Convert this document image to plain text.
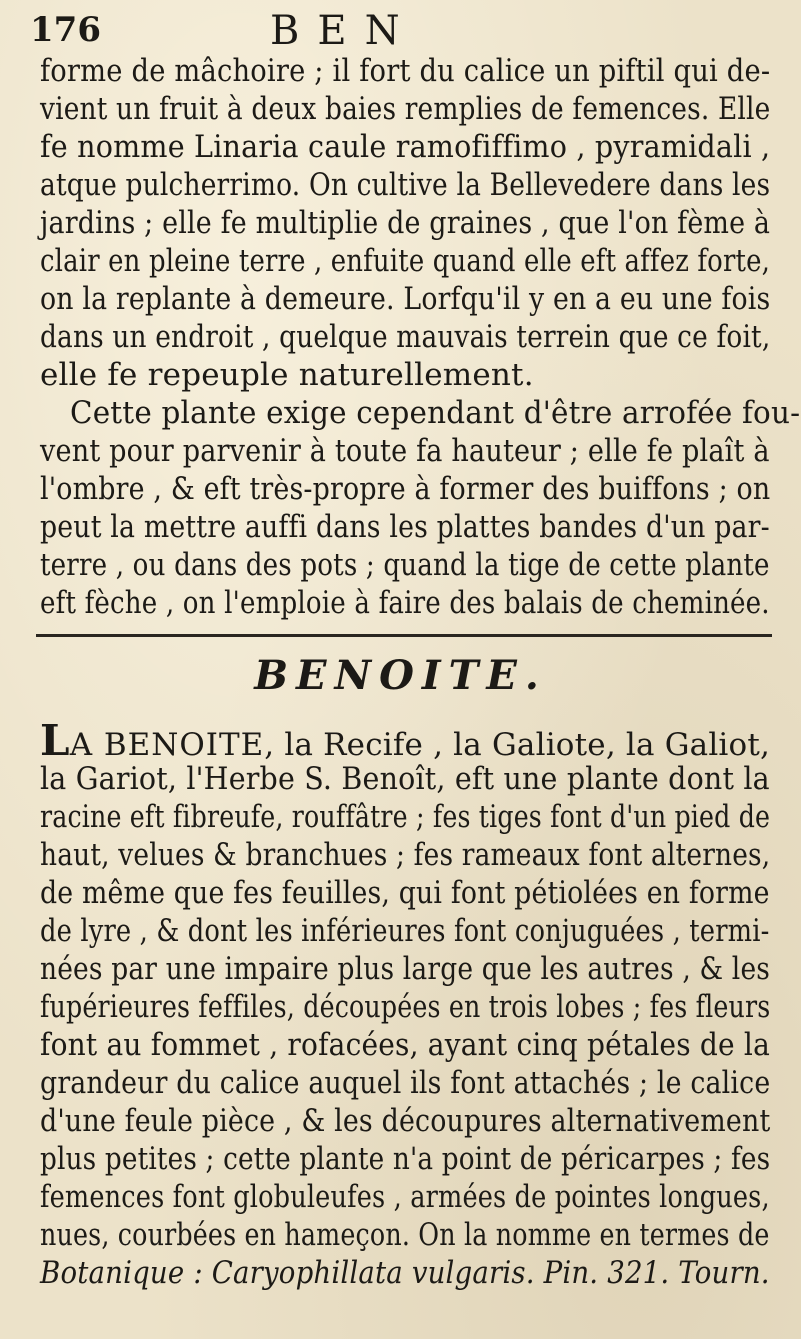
176	BEN
forme de mâchoire ; il fort du calice un piftil qui de-
vient un fruit à deux baies remplies de femences. Elle
fe nomme Linaria caule ramofiffimo , pyramidali ,
atque pulcherrimo. On cultive la Bellevedere dans les
jardins ; elle fe multiplie de graines , que l'on fème à
clair en pleine terre , enfuite quand elle eft affez forte,
on la replante à demeure. Lorfqu'il y en a eu une fois
dans un endroit , quelque mauvais terrein que ce foit,
elle fe repeuple naturellement.
Cette plante exige cependant d'être arrofée fou-
vent pour parvenir à toute fa hauteur ; elle fe plaît à
l'ombre , & eft très-propre à former des buiffons ; on
peut la mettre auffi dans les plattes bandes d'un par-
terre , ou dans des pots ; quand la tige de cette plante
eft fèche , on l'emploie à faire des balais de cheminée.
BENOITE.
LA BENOITE, la Recife , la Galiote, la Galiot,
la Gariot, l'Herbe S. Benoît, eft une plante dont la
racine eft fibreufe, rouffâtre ; fes tiges font d'un pied de
haut, velues & branchues ; fes rameaux font alternes,
de même que fes feuilles, qui font pétiolées en forme
de lyre , & dont les inférieures font conjuguées , termi-
nées par une impaire plus large que les autres , & les
fupérieures feffiles, découpées en trois lobes ; fes fleurs
font au fommet , rofacées, ayant cinq pétales de la
grandeur du calice auquel ils font attachés ; le calice
d'une feule pièce , & les découpures alternativement
plus petites ; cette plante n'a point de péricarpes ; fes
femences font globuleufes , armées de pointes longues,
nues, courbées en hameçon. On la nomme en termes de
Botanique : Caryophillata vulgaris. Pin. 321. Tourn.
